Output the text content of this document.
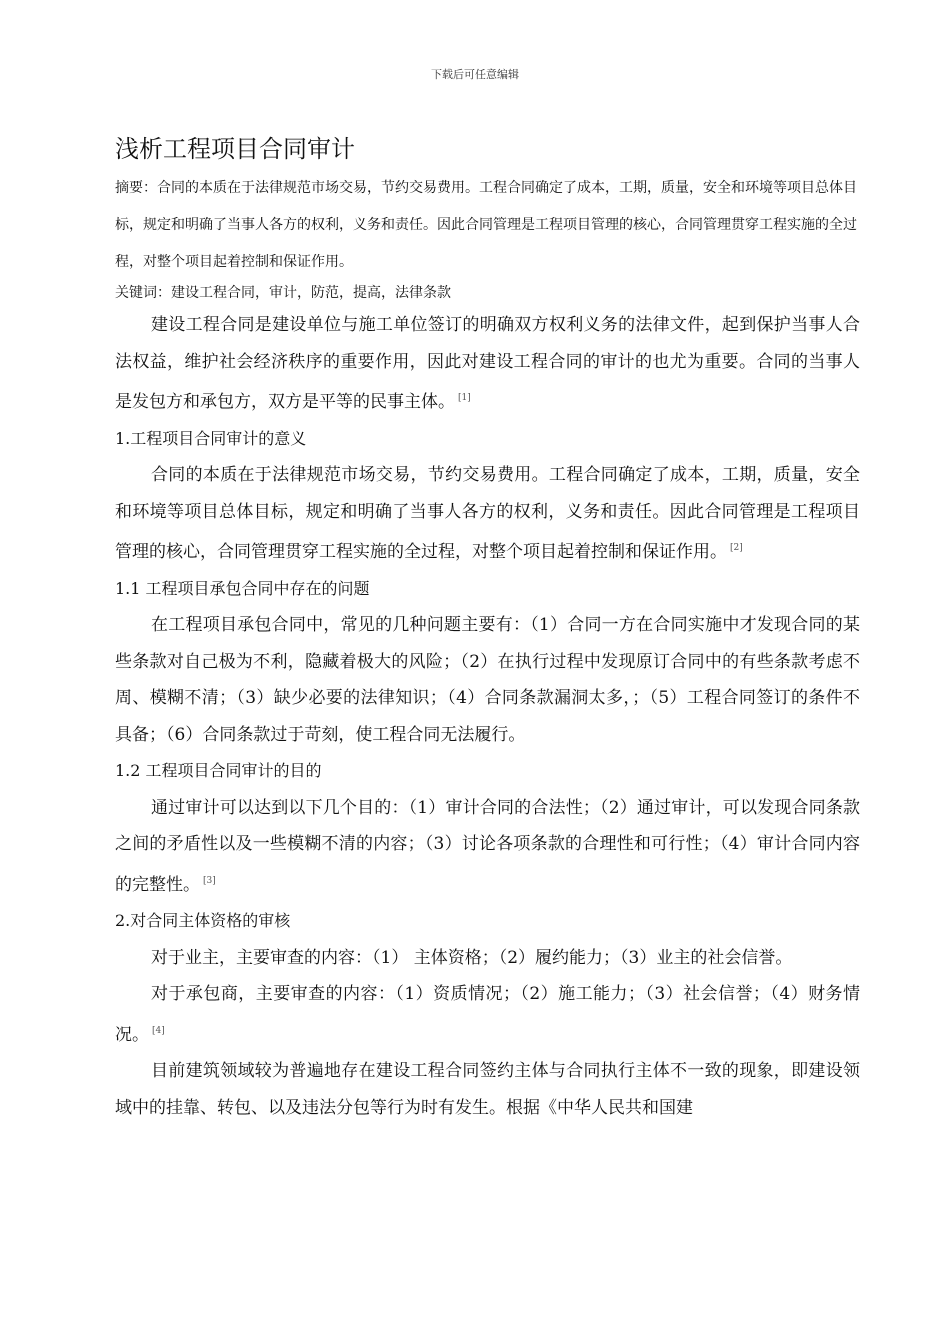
下载后可任意编辑
浅析工程项目合同审计

摘要：合同的本质在于法律规范市场交易，节约交易费用。工程合同确定了成本，工期，质量，安全和环境等项目总体目标，规定和明确了当事人各方的权利，义务和责任。因此合同管理是工程项目管理的核心，合同管理贯穿工程实施的全过程，对整个项目起着控制和保证作用。

关键词：建设工程合同，审计，防范，提高，法律条款

建设工程合同是建设单位与施工单位签订的明确双方权利义务的法律文件，起到保护当事人合法权益，维护社会经济秩序的重要作用，因此对建设工程合同的审计的也尤为重要。合同的当事人是发包方和承包方，双方是平等的民事主体。 [1]

1.工程项目合同审计的意义

合同的本质在于法律规范市场交易，节约交易费用。工程合同确定了成本，工期，质量，安全和环境等项目总体目标，规定和明确了当事人各方的权利，义务和责任。因此合同管理是工程项目管理的核心，合同管理贯穿工程实施的全过程，对整个项目起着控制和保证作用。 [2]

1.1 工程项目承包合同中存在的问题

在工程项目承包合同中，常见的几种问题主要有：（1）合同一方在合同实施中才发现合同的某些条款对自己极为不利，隐藏着极大的风险；（2）在执行过程中发现原订合同中的有些条款考虑不周、模糊不清；（3）缺少必要的法律知识；（4）合同条款漏洞太多，；（5）工程合同签订的条件不具备；（6）合同条款过于苛刻，使工程合同无法履行。

1.2 工程项目合同审计的目的

通过审计可以达到以下几个目的：（1）审计合同的合法性；（2）通过审计，可以发现合同条款之间的矛盾性以及一些模糊不清的内容；（3）讨论各项条款的合理性和可行性；（4）审计合同内容的完整性。 [3]

2.对合同主体资格的审核

对于业主，主要审查的内容：（1） 主体资格；（2）履约能力；（3）业主的社会信誉。

对于承包商，主要审查的内容：（1）资质情况；（2）施工能力；（3）社会信誉；（4）财务情况。 [4]

目前建筑领域较为普遍地存在建设工程合同签约主体与合同执行主体不一致的现象，即建设领域中的挂靠、转包、以及违法分包等行为时有发生。根据《中华人民共和国建
